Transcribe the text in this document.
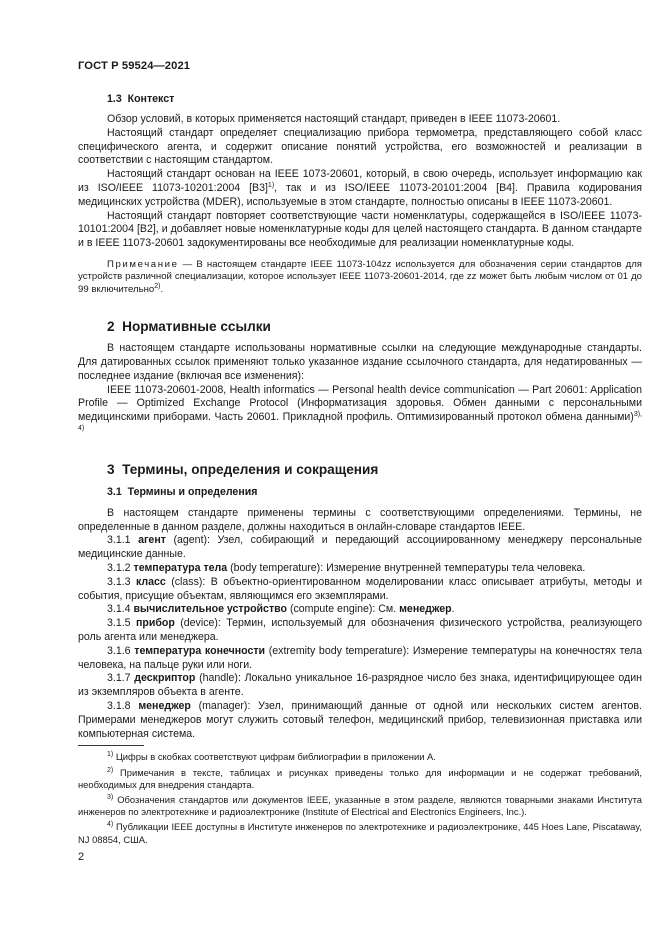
ГОСТ Р 59524—2021
1.3 Контекст

Обзор условий, в которых применяется настоящий стандарт, приведен в IEEE 11073-20601.

Настоящий стандарт определяет специализацию прибора термометра, представляющего собой класс специфического агента, и содержит описание понятий устройства, его возможностей и реализации в соответствии с настоящим стандартом.

Настоящий стандарт основан на IEEE 1073-20601, который, в свою очередь, использует информацию как из ISO/IEEE 11073-10201:2004 $[B3]^{1)}$, так и из ISO/IEEE 11073-20101:2004 [B4]. Правила кодирования медицинских устройства (MDER), используемые в этом стандарте, полностью описаны в IEEE 11073-20601.

Настоящий стандарт повторяет соответствующие части номенклатуры, содержащейся в ISO/IEEE 11073-10101:2004 [B2], и добавляет новые номенклатурные коды для целей настоящего стандарта. В данном стандарте и в IEEE 11073-20601 задокументированы все необходимые для реализации номенклатурные коды.

Примечание — В настоящем стандарте IEEE 11073-104zz используется для обозначения серии стандартов для устройств различной специализации, которое использует IEEE 11073-20601-2014, где zz может быть любым числом от 01 до 99 включительно$^{2)}$.

2 Нормативные ссылки

В настоящем стандарте использованы нормативные ссылки на следующие международные стандарты. Для датированных ссылок применяют только указанное издание ссылочного стандарта, для недатированных — последнее издание (включая все изменения):

IEEE 11073-20601-2008, Health informatics — Personal health device communication — Part 20601: Application Profile — Optimized Exchange Protocol (Информатизация здоровья. Обмен данными с персональными медицинскими приборами. Часть 20601. Прикладной профиль. Оптимизированный протокол обмена данными)$^{3), 4)}$

3 Термины, определения и сокращения
3.1 Термины и определения

В настоящем стандарте применены термины с соответствующими определениями. Термины, не определенные в данном разделе, должны находиться в онлайн-словаре стандартов IEEE.

3.1.1 агент (agent): Узел, собирающий и передающий ассоциированному менеджеру персональные медицинские данные.

3.1.2 температура тела (body temperature): Измерение внутренней температуры тела человека.

3.1.3 класс (class): В объектно-ориентированном моделировании класс описывает атрибуты, методы и события, присущие объектам, являющимся его экземплярами.

3.1.4 вычислительное устройство (compute engine): См. менеджер.

3.1.5 прибор (device): Термин, используемый для обозначения физического устройства, реализующего роль агента или менеджера.

3.1.6 температура конечности (extremity body temperature): Измерение температуры на конечностях тела человека, на пальце руки или ноги.

3.1.7 дескриптор (handle): Локально уникальное 16-разрядное число без знака, идентифицирующее один из экземпляров объекта в агенте.

3.1.8 менеджер (manager): Узел, принимающий данные от одной или нескольких систем агентов. Примерами менеджеров могут служить сотовый телефон, медицинский прибор, телевизионная приставка или компьютерная система.

$^{1)}$ Цифры в скобках соответствуют цифрам библиографии в приложении А.

$^{2)}$ Примечания в тексте, таблицах и рисунках приведены только для информации и не содержат требований, необходимых для внедрения стандарта.

$^{3)}$ Обозначения стандартов или документов IEEE, указанные в этом разделе, являются товарными знаками Института инженеров по электротехнике и радиоэлектронике (Institute of Electrical and Electronics Engineers, Inc.).

$^{4)}$ Публикации IEEE доступны в Институте инженеров по электротехнике и радиоэлектронике, 445 Hoes Lane, Piscataway, NJ 08854, США.

2
